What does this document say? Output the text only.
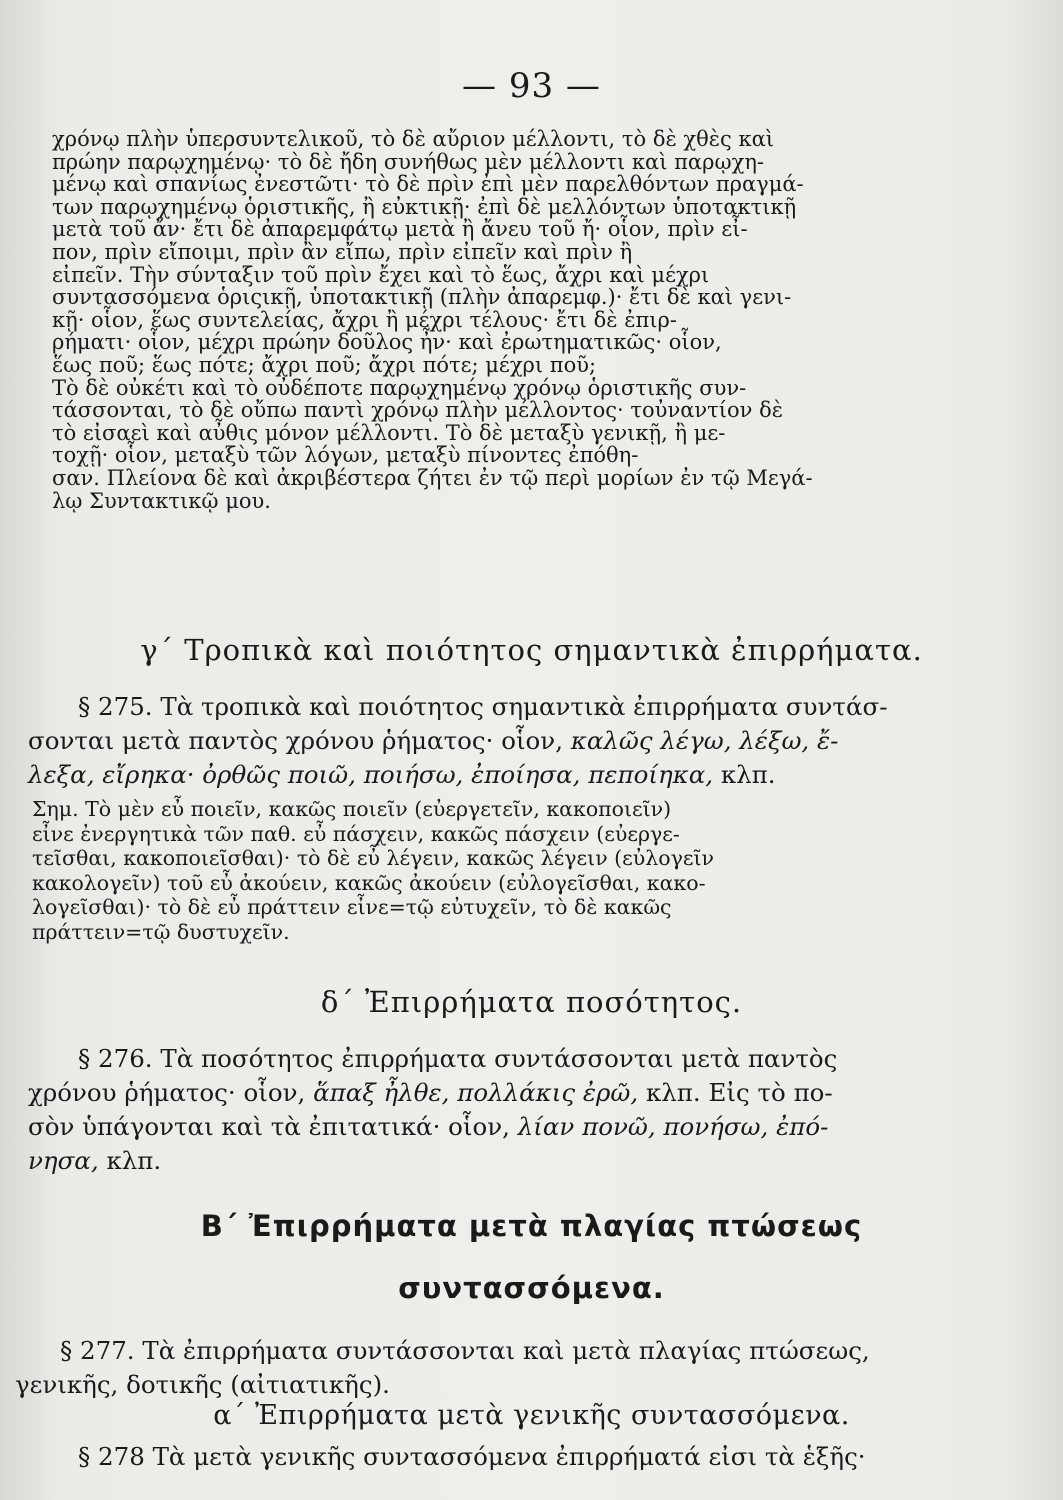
— 93 —
χρόνῳ πλὴν ὑπερσυντελικοῦ, τὸ δὲ αὔριον μέλλοντι, τὸ δὲ χθὲς καὶ
πρώην παρῳχημένῳ· τὸ δὲ ἤδη συνήθως μὲν μέλλοντι καὶ παρῳχη-
μένῳ καὶ σπανίως ἐνεστῶτι· τὸ δὲ πρὶν ἐπὶ μὲν παρελθόντων πραγμά-
των παρῳχημένῳ ὁριστικῆς, ἢ εὐκτικῇ· ἐπὶ δὲ μελλόντων ὑποτακτικῇ
μετὰ τοῦ ἄν· ἔτι δὲ ἀπαρεμφάτῳ μετὰ ἢ ἄνευ τοῦ ἤ· οἷον, πρὶν εἶ-
πον, πρὶν εἴποιμι, πρὶν ἂν εἴπω, πρὶν εἰπεῖν καὶ πρὶν ἢ
εἰπεῖν. Τὴν σύνταξιν τοῦ πρὶν ἔχει καὶ τὸ ἕως, ἄχρι καὶ μέχρι
συντασσόμενα ὁριςικῇ, ὑποτακτικῇ (πλὴν ἀπαρεμφ.)· ἔτι δὲ καὶ γενι-
κῇ· οἷον, ἕως συντελείας, ἄχρι ἢ μέχρι τέλους· ἔτι δὲ ἐπιρ-
ρήματι· οἷον, μέχρι πρώην δοῦλος ἦν· καὶ ἐρωτηματικῶς· οἷον,
ἕως ποῦ; ἕως πότε; ἄχρι ποῦ; ἄχρι πότε; μέχρι ποῦ;
Τὸ δὲ οὐκέτι καὶ τὸ οὐδέποτε παρῳχημένῳ χρόνῳ ὁριστικῆς συν-
τάσσονται, τὸ δὲ οὔπω παντὶ χρόνῳ πλὴν μέλλοντος· τοὐναντίον δὲ
τὸ εἰσαεὶ καὶ αὖθις μόνον μέλλοντι. Τὸ δὲ μεταξὺ γενικῇ, ἢ με-
τοχῇ· οἷον, μεταξὺ τῶν λόγων, μεταξὺ πίνοντες ἐπόθη-
σαν. Πλείονα δὲ καὶ ἀκριβέστερα ζήτει ἐν τῷ περὶ μορίων ἐν τῷ Μεγά-
λῳ Συντακτικῷ μου.
γ΄ Τροπικὰ καὶ ποιότητος σημαντικὰ ἐπιρρήματα.

§ 275. Τὰ τροπικὰ καὶ ποιότητος σημαντικὰ ἐπιρρήματα συντάσ-

σονται μετὰ παντὸς χρόνου ῥήματος· οἷον, καλῶς λέγω, λέξω, ἔ-
λεξα, εἴρηκα· ὀρθῶς ποιῶ, ποιήσω, ἐποίησα, πεποίηκα, κλπ.
Σημ. Τὸ μὲν εὖ ποιεῖν, κακῶς ποιεῖν (εὐεργετεῖν, κακοποιεῖν)
εἶνε ἐνεργητικὰ τῶν παθ. εὖ πάσχειν, κακῶς πάσχειν (εὐεργε-
τεῖσθαι, κακοποιεῖσθαι)· τὸ δὲ εὖ λέγειν, κακῶς λέγειν (εὐλογεῖν
κακολογεῖν) τοῦ εὖ ἀκούειν, κακῶς ἀκούειν (εὐλογεῖσθαι, κακο-
λογεῖσθαι)· τὸ δὲ εὖ πράττειν εἶνε=τῷ εὐτυχεῖν, τὸ δὲ κακῶς
πράττειν=τῷ δυστυχεῖν.
δ΄ Ἐπιρρήματα ποσότητος.

§ 276. Τὰ ποσότητος ἐπιρρήματα συντάσσονται μετὰ παντὸς

χρόνου ῥήματος· οἷον, ἅπαξ ἦλθε, πολλάκις ἐρῶ, κλπ. Εἰς τὸ πο-
σὸν ὑπάγονται καὶ τὰ ἐπιτατικά· οἷον, λίαν πονῶ, πονήσω, ἐπό-
νησα, κλπ.
Β΄ Ἐπιρρήματα μετὰ πλαγίας πτώσεως
συντασσόμενα.

§ 277. Τὰ ἐπιρρήματα συντάσσονται καὶ μετὰ πλαγίας πτώσεως,

γενικῆς, δοτικῆς (αἰτιατικῆς).
α΄ Ἐπιρρήματα μετὰ γενικῆς συντασσόμενα.

§ 278 Τὰ μετὰ γενικῆς συντασσόμενα ἐπιρρήματά εἰσι τὰ ἑξῆς·
